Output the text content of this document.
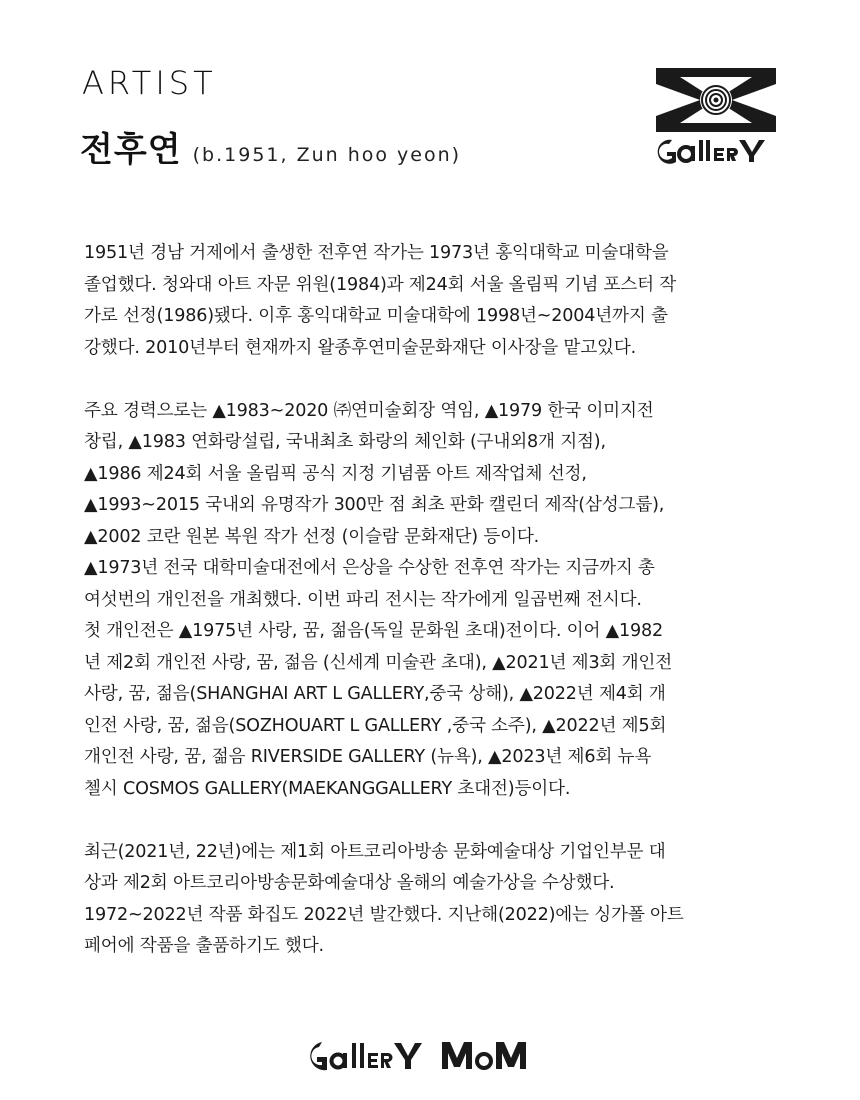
ARTIST
전후연 (b.1951, Zun hoo yeon)

1951년 경남 거제에서 출생한 전후연 작가는 1973년 홍익대학교 미술대학을

졸업했다. 청와대 아트 자문 위원(1984)과 제24회 서울 올림픽 기념 포스터 작

가로 선정(1986)됐다. 이후 홍익대학교 미술대학에 1998년~2004년까지 출

강했다. 2010년부터 현재까지 왈종후연미술문화재단 이사장을 맡고있다.

주요 경력으로는 ▲1983~2020 ㈜연미술회장 역임, ▲1979 한국 이미지전

창립, ▲1983 연화랑설립, 국내최초 화랑의 체인화 (구내외8개 지점),

▲1986 제24회 서울 올림픽 공식 지정 기념품 아트 제작업체 선정,

▲1993~2015 국내외 유명작가 300만 점 최초 판화 캘린더 제작(삼성그룹),

▲2002 코란 원본 복원 작가 선정 (이슬람 문화재단) 등이다.

▲1973년 전국 대학미술대전에서 은상을 수상한 전후연 작가는 지금까지 총

여섯번의 개인전을 개최했다. 이번 파리 전시는 작가에게 일곱번째 전시다.

첫 개인전은 ▲1975년 사랑, 꿈, 젊음(독일 문화원 초대)전이다. 이어 ▲1982

년 제2회 개인전 사랑, 꿈, 젊음 (신세계 미술관 초대), ▲2021년 제3회 개인전

사랑, 꿈, 젊음(SHANGHAI ART L GALLERY,중국 상해), ▲2022년 제4회 개

인전 사랑, 꿈, 젊음(SOZHOUART L GALLERY ,중국 소주), ▲2022년 제5회

개인전 사랑, 꿈, 젊음 RIVERSIDE GALLERY (뉴욕), ▲2023년 제6회 뉴욕

첼시 COSMOS GALLERY(MAEKANGGALLERY 초대전)등이다.

최근(2021년, 22년)에는 제1회 아트코리아방송 문화예술대상 기업인부문 대

상과 제2회 아트코리아방송문화예술대상 올해의 예술가상을 수상했다.

1972~2022년 작품 화집도 2022년 발간했다. 지난해(2022)에는 싱가폴 아트

페어에 작품을 출품하기도 했다.
